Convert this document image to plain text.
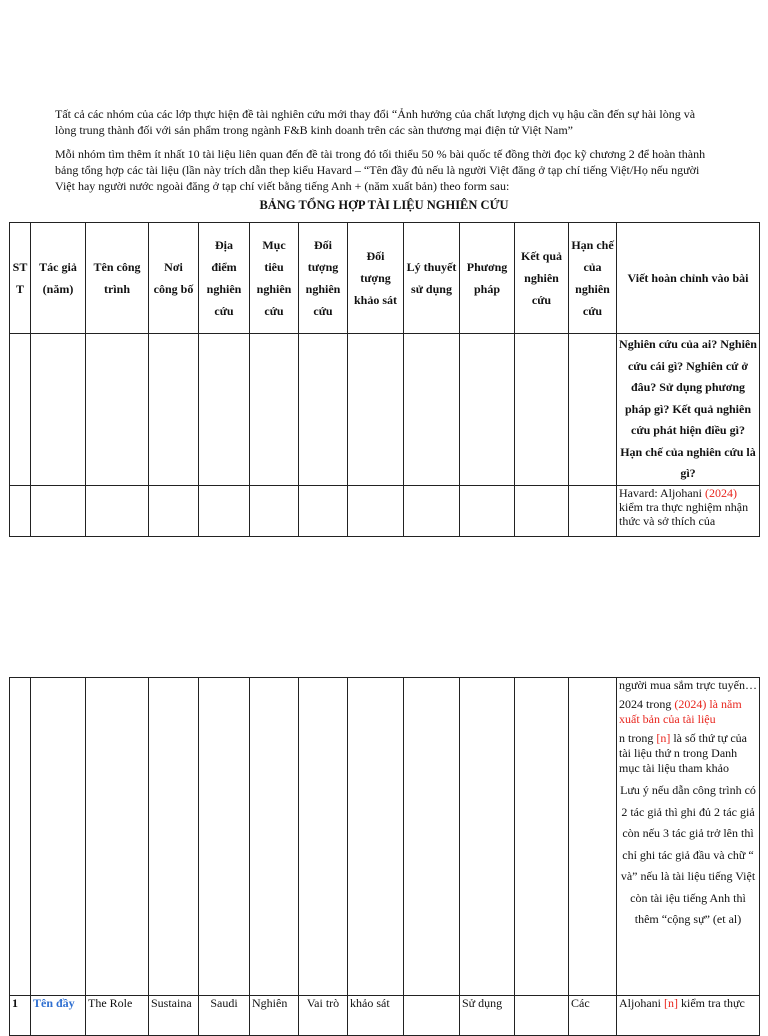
Tất cả các nhóm của các lớp thực hiện đề tài nghiên cứu mới thay đổi “Ảnh hưởng của chất lượng dịch vụ hậu cần đến sự hài lòng và lòng trung thành đối với sản phẩm trong ngành F&B kinh doanh trên các sàn thương mại điện tử Việt Nam”
Mỗi nhóm tìm thêm ít nhất 10 tài liệu liên quan đến đề tài trong đó tối thiểu 50 % bài quốc tế đồng thời đọc kỹ chương 2 để hoàn thành bảng tổng hợp các tài liệu (lần này trích dẫn thep kiểu Havard – “Tên đầy đủ nếu là người Việt đăng ở tạp chí tiếng Việt/Họ nếu người Việt hay người nước ngoài đăng ở tạp chí viết bằng tiếng Anh + (năm xuất bản) theo form sau:
BẢNG TỔNG HỢP TÀI LIỆU NGHIÊN CỨU
ST T	Tác giả (năm)	Tên công trình	Nơi công bố	Địa điểm nghiên cứu	Mục tiêu nghiên cứu	Đối tượng nghiên cứu	Đối tượng khảo sát	Lý thuyết sử dụng	Phương pháp	Kết quả nghiên cứu	Hạn chế của nghiên cứu	Viết hoàn chỉnh vào bài
												Nghiên cứu của ai? Nghiên cứu cái gì? Nghiên cứ ở đâu? Sử dụng phương pháp gì? Kết quả nghiên cứu phát hiện điều gì? Hạn chế của nghiên cứu là gì?
												Havard: Aljohani (2024) kiểm tra thực nghiệm nhận thức và sở thích của

												người mua sắm trực tuyến…
2024 trong (2024) là năm xuất bản của tài liệu
n trong [n] là số thứ tự của tài liệu thứ n trong Danh mục tài liệu tham khảo
Lưu ý nếu dẫn công trình có 2 tác giả thì ghi đủ 2 tác giả còn nếu 3 tác giả trở lên thì chỉ ghi tác giả đầu và chữ “ và” nếu là tài liệu tiếng Việt còn tài iệu tiếng Anh thì thêm “cộng sự” (et al)

1	Tên đầy	The Role	Sustaina	Saudi	Nghiên	Vai trò	khảo sát		Sử dụng		Các	Aljohani [n] kiểm tra thực
